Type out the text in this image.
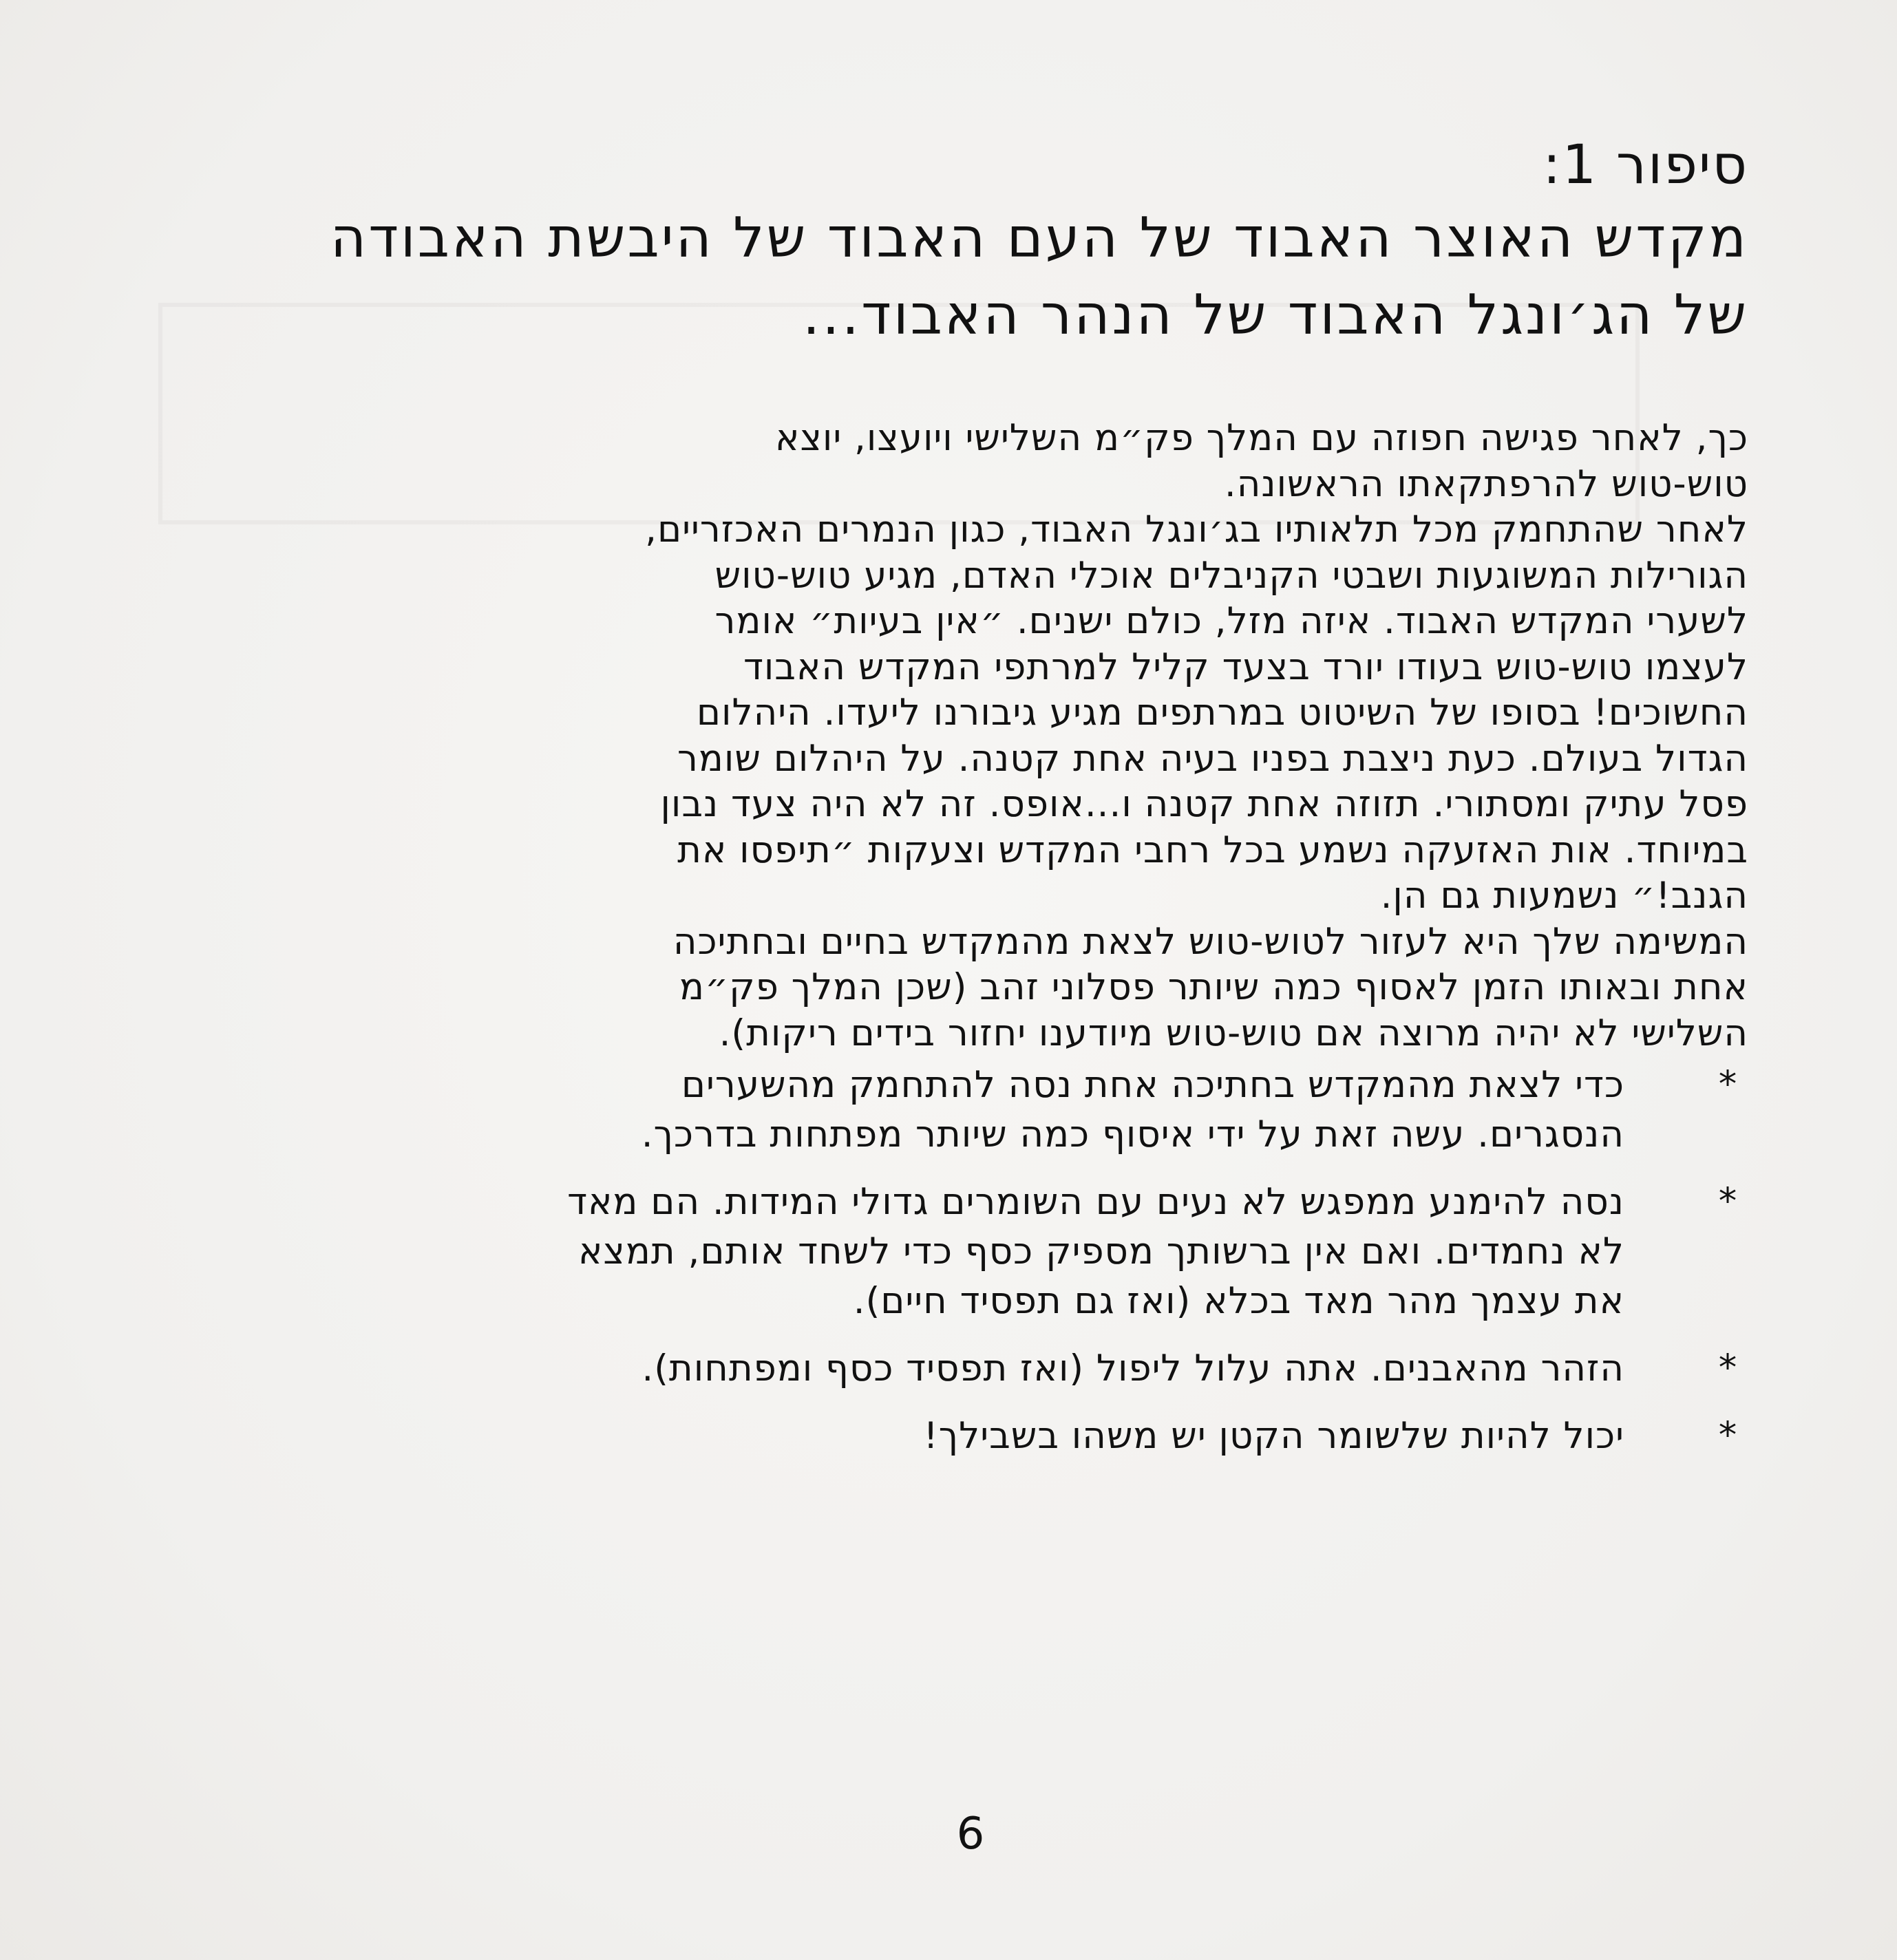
סיפור 1:

מקדש האוצר האבוד של העם האבוד של היבשת האבודה

של הג׳ונגל האבוד של הנהר האבוד...

כך, לאחר פגישה חפוזה עם המלך פק״מ השלישי ויועצו, יוצא

טוש-טוש להרפתקאתו הראשונה.

לאחר שהתחמק מכל תלאותיו בג׳ונגל האבוד, כגון הנמרים האכזריים,

הגורילות המשוגעות ושבטי הקניבלים אוכלי האדם, מגיע טוש-טוש

לשערי המקדש האבוד. איזה מזל, כולם ישנים. ״אין בעיות״ אומר

לעצמו טוש-טוש בעודו יורד בצעד קליל למרתפי המקדש האבוד

החשוכים! בסופו של השיטוט במרתפים מגיע גיבורנו ליעדו. היהלום

הגדול בעולם. כעת ניצבת בפניו בעיה אחת קטנה. על היהלום שומר

פסל עתיק ומסתורי. תזוזה אחת קטנה ו...אופס. זה לא היה צעד נבון

במיוחד. אות האזעקה נשמע בכל רחבי המקדש וצעקות ״תיפסו את

הגנב!״ נשמעות גם הן.

המשימה שלך היא לעזור לטוש-טוש לצאת מהמקדש בחיים ובחתיכה

אחת ובאותו הזמן לאסוף כמה שיותר פסלוני זהב (שכן המלך פק״מ

השלישי לא יהיה מרוצה אם טוש-טוש מיודענו יחזור בידים ריקות).

*

כדי לצאת מהמקדש בחתיכה אחת נסה להתחמק מהשערים

הנסגרים. עשה זאת על ידי איסוף כמה שיותר מפתחות בדרכך.

*

נסה להימנע ממפגש לא נעים עם השומרים גדולי המידות. הם מאד

לא נחמדים. ואם אין ברשותך מספיק כסף כדי לשחד אותם, תמצא

את עצמך מהר מאד בכלא (ואז גם תפסיד חיים).

*

הזהר מהאבנים. אתה עלול ליפול (ואז תפסיד כסף ומפתחות).

*

יכול להיות שלשומר הקטן יש משהו בשבילך!

6
